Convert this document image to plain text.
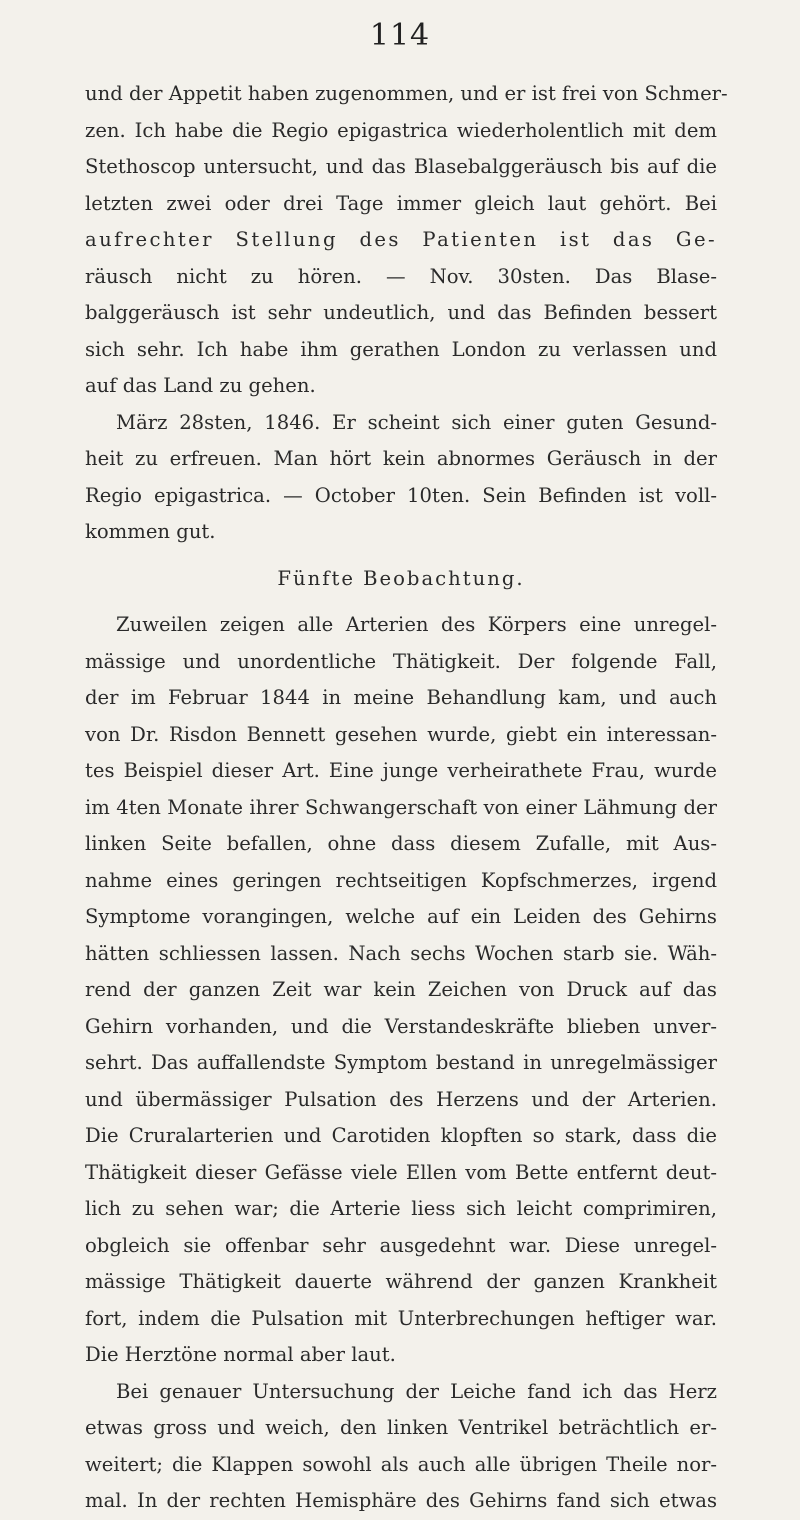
114
und der Appetit haben zugenommen, und er ist frei von Schmer-
zen. Ich habe die Regio epigastrica wiederholentlich mit dem
Stethoscop untersucht, und das Blasebalggeräusch bis auf die
letzten zwei oder drei Tage immer gleich laut gehört. Bei
aufrechter Stellung des Patienten ist das Ge-
räusch nicht zu hören. — Nov. 30sten. Das Blase-
balggeräusch ist sehr undeutlich, und das Befinden bessert
sich sehr. Ich habe ihm gerathen London zu verlassen und
auf das Land zu gehen.
März 28sten, 1846. Er scheint sich einer guten Gesund-
heit zu erfreuen. Man hört kein abnormes Geräusch in der
Regio epigastrica. — October 10ten. Sein Befinden ist voll-
kommen gut.
Fünfte Beobachtung.
Zuweilen zeigen alle Arterien des Körpers eine unregel-
mässige und unordentliche Thätigkeit. Der folgende Fall,
der im Februar 1844 in meine Behandlung kam, und auch
von Dr. Risdon Bennett gesehen wurde, giebt ein interessan-
tes Beispiel dieser Art. Eine junge verheirathete Frau, wurde
im 4ten Monate ihrer Schwangerschaft von einer Lähmung der
linken Seite befallen, ohne dass diesem Zufalle, mit Aus-
nahme eines geringen rechtseitigen Kopfschmerzes, irgend
Symptome vorangingen, welche auf ein Leiden des Gehirns
hätten schliessen lassen. Nach sechs Wochen starb sie. Wäh-
rend der ganzen Zeit war kein Zeichen von Druck auf das
Gehirn vorhanden, und die Verstandeskräfte blieben unver-
sehrt. Das auffallendste Symptom bestand in unregelmässiger
und übermässiger Pulsation des Herzens und der Arterien.
Die Cruralarterien und Carotiden klopften so stark, dass die
Thätigkeit dieser Gefässe viele Ellen vom Bette entfernt deut-
lich zu sehen war; die Arterie liess sich leicht comprimiren,
obgleich sie offenbar sehr ausgedehnt war. Diese unregel-
mässige Thätigkeit dauerte während der ganzen Krankheit
fort, indem die Pulsation mit Unterbrechungen heftiger war.
Die Herztöne normal aber laut.
Bei genauer Untersuchung der Leiche fand ich das Herz
etwas gross und weich, den linken Ventrikel beträchtlich er-
weitert; die Klappen sowohl als auch alle übrigen Theile nor-
mal. In der rechten Hemisphäre des Gehirns fand sich etwas
